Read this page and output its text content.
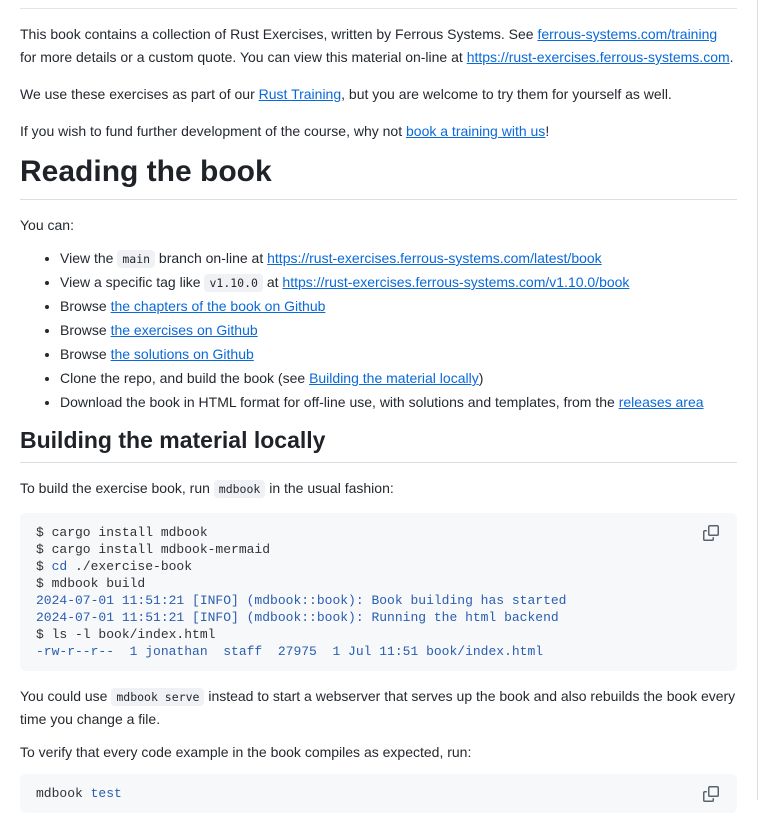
This book contains a collection of Rust Exercises, written by Ferrous Systems. See ferrous-systems.com/training for more details or a custom quote. You can view this material on-line at https://rust-exercises.ferrous-systems.com.

We use these exercises as part of our Rust Training, but you are welcome to try them for yourself as well.

If you wish to fund further development of the course, why not book a training with us!

Reading the book

You can:

• View the main branch on-line at https://rust-exercises.ferrous-systems.com/latest/book
• View a specific tag like v1.10.0 at https://rust-exercises.ferrous-systems.com/v1.10.0/book
• Browse the chapters of the book on Github
• Browse the exercises on Github
• Browse the solutions on Github
• Clone the repo, and build the book (see Building the material locally)
• Download the book in HTML format for off-line use, with solutions and templates, from the releases area
Building the material locally

To build the exercise book, run mdbook in the usual fashion:

$ cargo install mdbook
$ cargo install mdbook-mermaid
$ cd ./exercise-book
$ mdbook build
2024-07-01 11:51:21 [INFO] (mdbook::book): Book building has started
2024-07-01 11:51:21 [INFO] (mdbook::book): Running the html backend
$ ls -l book/index.html
-rw-r--r--  1 jonathan  staff  27975  1 Jul 11:51 book/index.html

You could use mdbook serve instead to start a webserver that serves up the book and also rebuilds the book every time you change a file.

To verify that every code example in the book compiles as expected, run:

mdbook test
